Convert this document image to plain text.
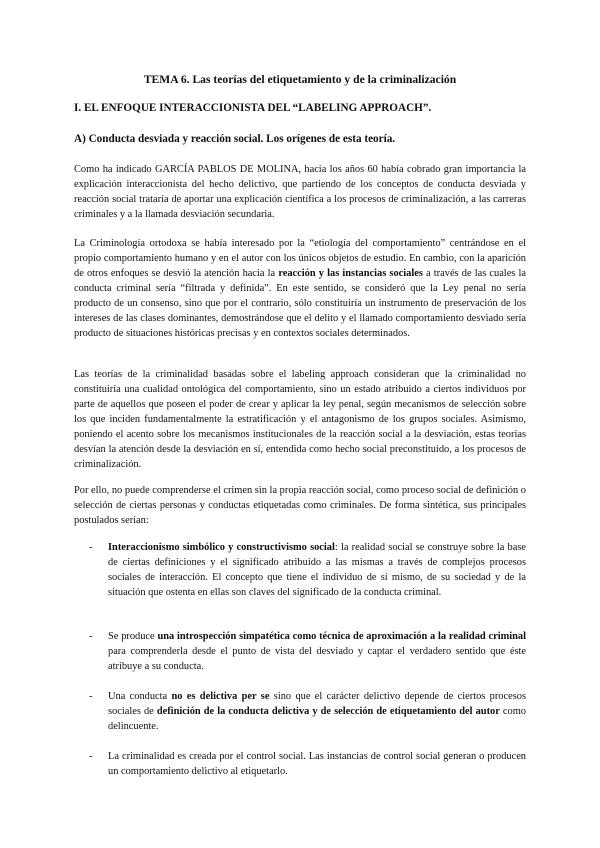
TEMA 6. Las teorías del etiquetamiento y de la criminalización
I. EL ENFOQUE INTERACCIONISTA DEL “LABELING APPROACH”.
A) Conducta desviada y reacción social. Los orígenes de esta teoría.

Como ha indicado GARCÍA PABLOS DE MOLINA, hacia los años 60 había cobrado gran importancia la explicación interaccionista del hecho delictivo, que partiendo de los conceptos de conducta desviada y reacción social trataría de aportar una explicación científica a los procesos de criminalización, a las carreras criminales y a la llamada desviación secundaria.

La Criminología ortodoxa se había interesado por la “etiología del comportamiento” centrándose en el propio comportamiento humano y en el autor con los únicos objetos de estudio. En cambio, con la aparición de otros enfoques se desvió la atención hacia la reacción y las instancias sociales a través de las cuales la conducta criminal sería “filtrada y definida”. En este sentido, se consideró que la Ley penal no sería producto de un consenso, sino que por el contrario, sólo constituiría un instrumento de preservación de los intereses de las clases dominantes, demostrándose que el delito y el llamado comportamiento desviado sería producto de situaciones históricas precisas y en contextos sociales determinados.

Las teorías de la criminalidad basadas sobre el labeling approach consideran que la criminalidad no constituiría una cualidad ontológica del comportamiento, sino un estado atribuido a ciertos individuos por parte de aquellos que poseen el poder de crear y aplicar la ley penal, según mecanismos de selección sobre los que inciden fundamentalmente la estratificación y el antagonismo de los grupos sociales. Asimismo, poniendo el acento sobre los mecanismos institucionales de la reacción social a la desviación, estas teorías desvían la atención desde la desviación en sí, entendida como hecho social preconstituido, a los procesos de criminalización.

Por ello, no puede comprenderse el crimen sin la propia reacción social, como proceso social de definición o selección de ciertas personas y conductas etiquetadas como criminales. De forma sintética, sus principales postulados serían:

- Interaccionismo simbólico y constructivismo social: la realidad social se construye sobre la base de ciertas definiciones y el significado atribuido a las mismas a través de complejos procesos sociales de interacción. El concepto que tiene el individuo de sí mismo, de su sociedad y de la situación que ostenta en ellas son claves del significado de la conducta criminal.
- Se produce una introspección simpatética como técnica de aproximación a la realidad criminal para comprenderla desde el punto de vista del desviado y captar el verdadero sentido que éste atribuye a su conducta.
- Una conducta no es delictiva per se sino que el carácter delictivo depende de ciertos procesos sociales de definición de la conducta delictiva y de selección de etiquetamiento del autor como delincuente.
- La criminalidad es creada por el control social. Las instancias de control social generan o producen un comportamiento delictivo al etiquetarlo.
